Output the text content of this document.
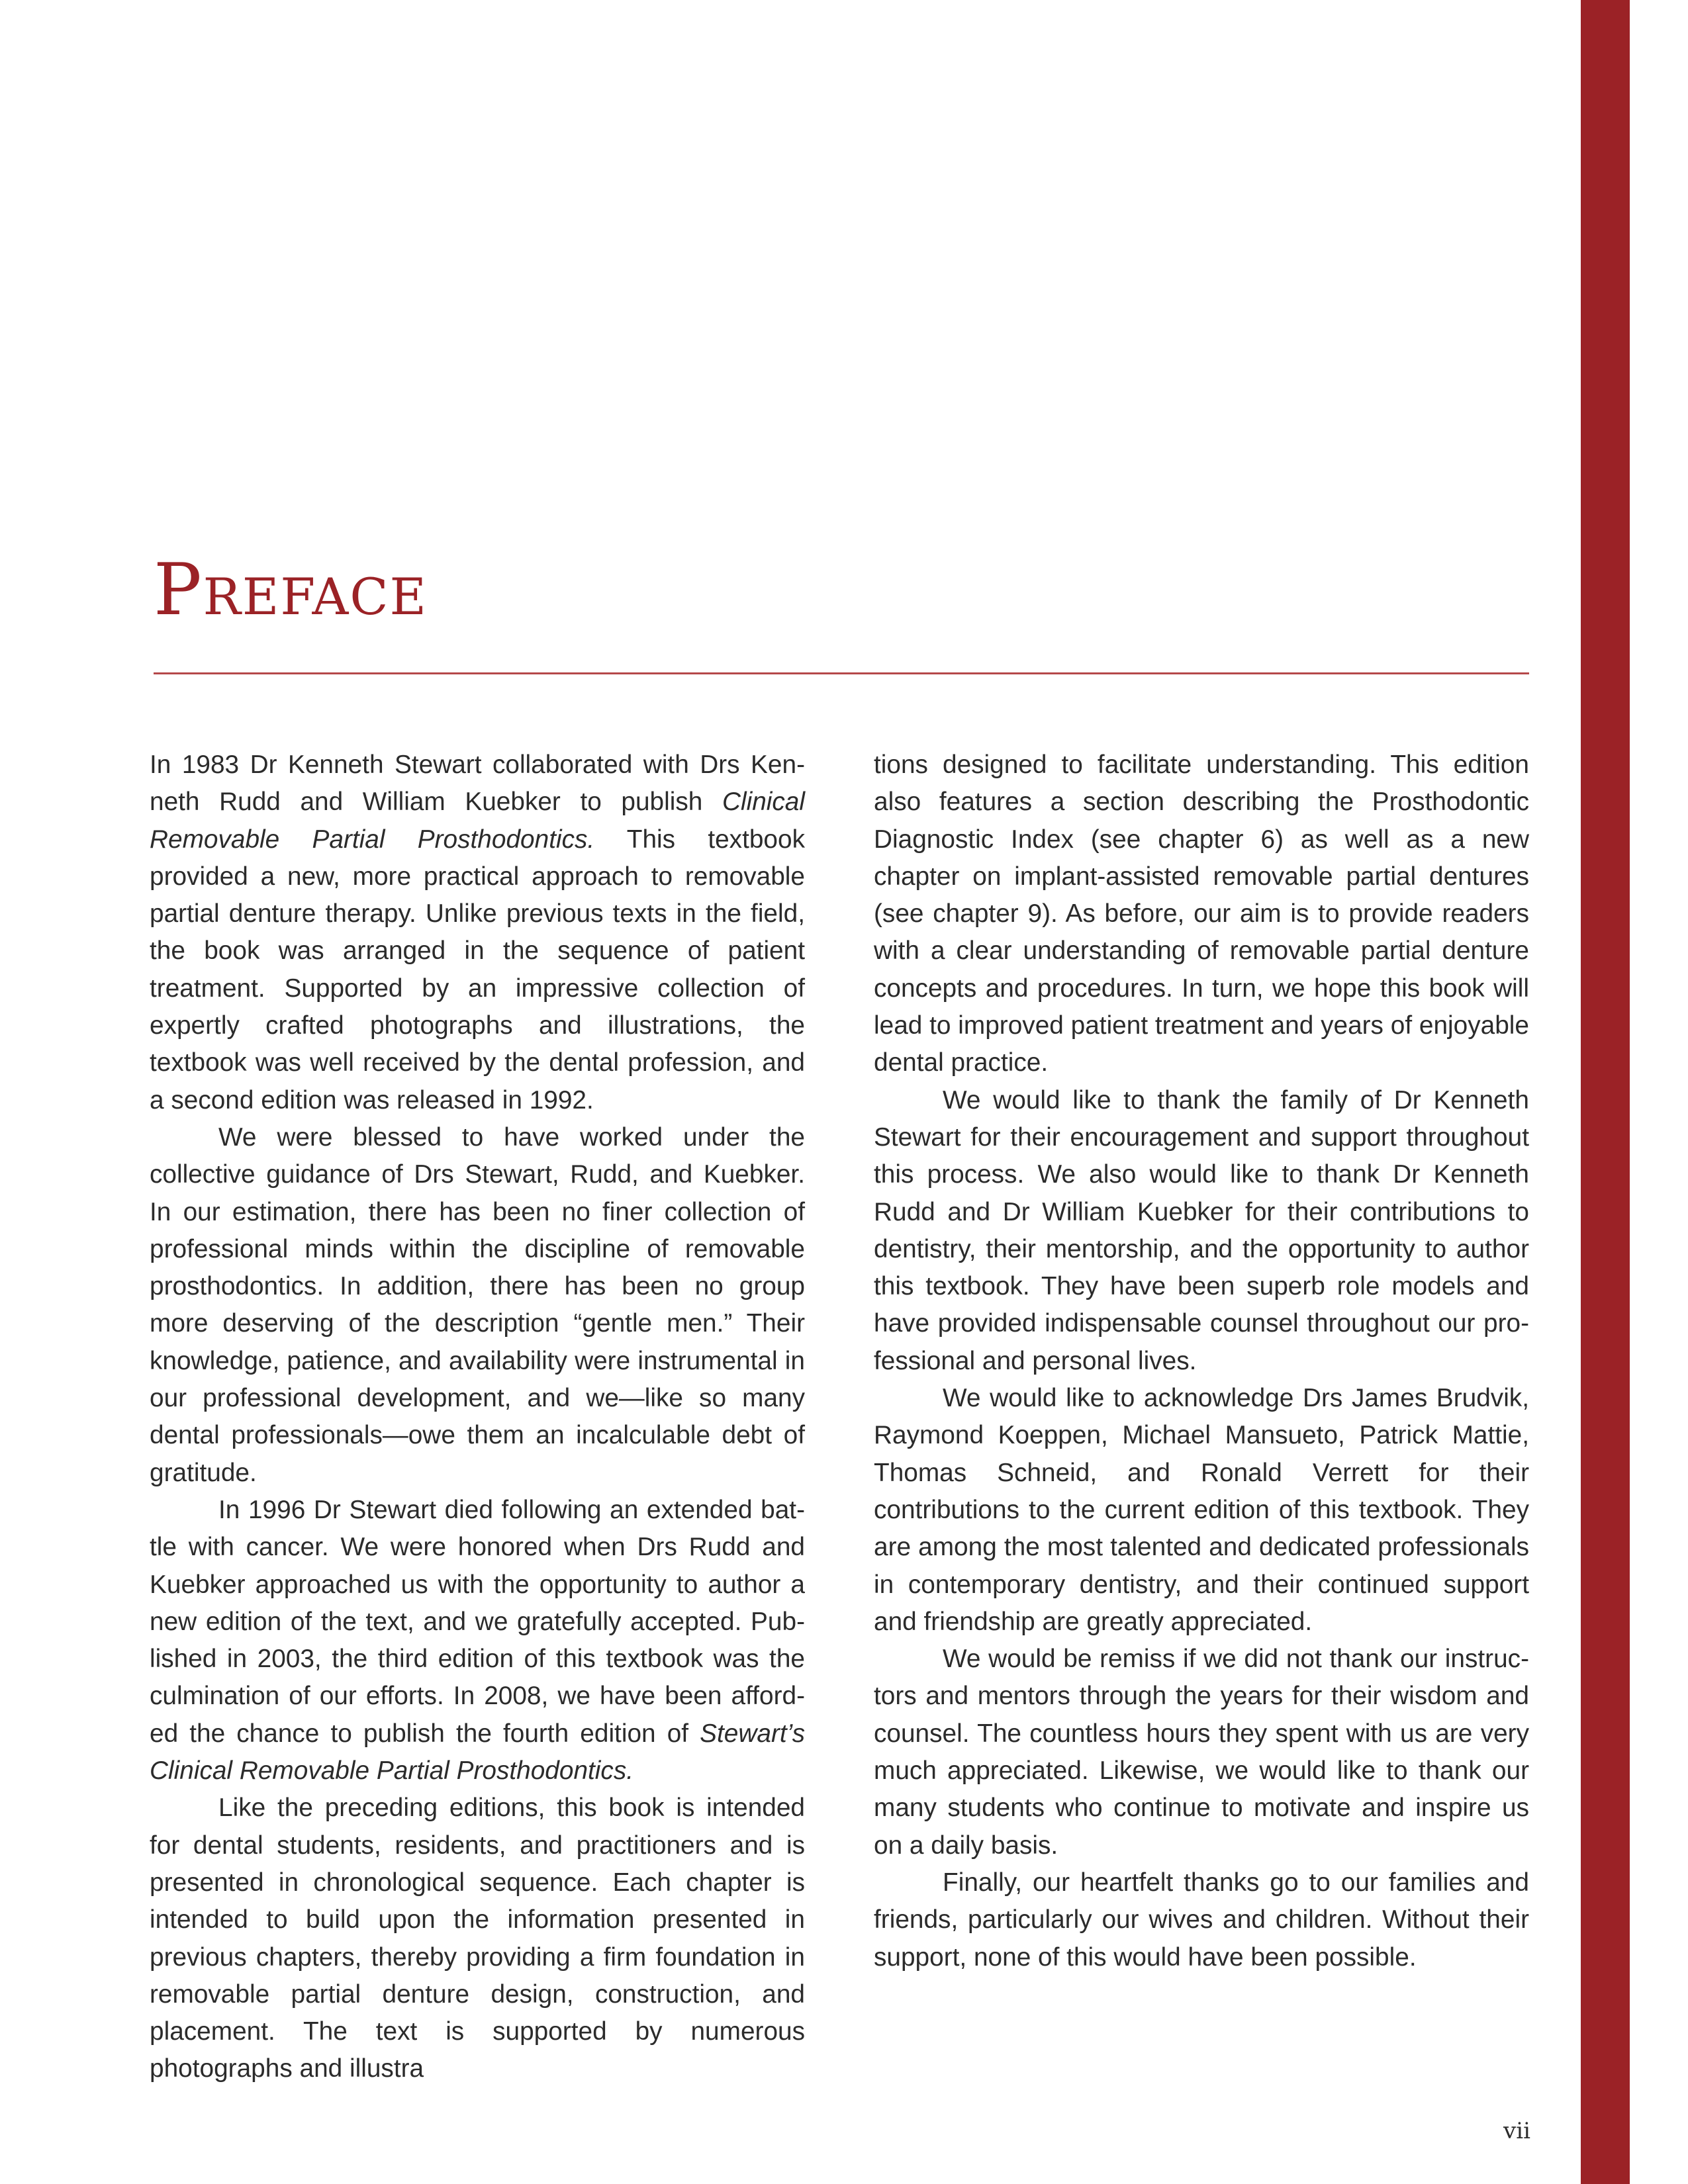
Preface

In 1983 Dr Kenneth Stewart collaborated with Drs Kenneth Rudd and William Kuebker to publish Clinical Removable Partial Prosthodontics. This textbook provided a new, more practical approach to removable partial denture therapy. Unlike previous texts in the field, the book was arranged in the sequence of patient treatment. Supported by an impressive collection of expertly crafted photographs and illustrations, the textbook was well received by the dental profession, and a second edition was released in 1992.

We were blessed to have worked under the collective guidance of Drs Stewart, Rudd, and Kuebker. In our estimation, there has been no finer collection of professional minds within the discipline of removable prosthodontics. In addition, there has been no group more deserving of the description “gentle men.” Their knowledge, patience, and availability were instrumental in our professional development, and we—like so many dental professionals—owe them an incalculable debt of gratitude.

In 1996 Dr Stewart died following an extended battle with cancer. We were honored when Drs Rudd and Kuebker approached us with the opportunity to author a new edition of the text, and we gratefully accepted. Published in 2003, the third edition of this textbook was the culmination of our efforts. In 2008, we have been afforded the chance to publish the fourth edition of Stewart’s Clinical Removable Partial Prosthodontics.

Like the preceding editions, this book is intended for dental students, residents, and practitioners and is presented in chronological sequence. Each chapter is intended to build upon the information presented in previous chapters, thereby providing a firm foundation in removable partial denture design, construction, and placement. The text is supported by numerous photographs and illustra

tions designed to facilitate understanding. This edition also features a section describing the Prosthodontic Diagnostic Index (see chapter 6) as well as a new chapter on implant-assisted removable partial dentures (see chapter 9). As before, our aim is to provide readers with a clear understanding of removable partial denture concepts and procedures. In turn, we hope this book will lead to improved patient treatment and years of enjoyable dental practice.

We would like to thank the family of Dr Kenneth Stewart for their encouragement and support throughout this process. We also would like to thank Dr Kenneth Rudd and Dr William Kuebker for their contributions to dentistry, their mentorship, and the opportunity to author this textbook. They have been superb role models and have provided indispensable counsel throughout our professional and personal lives.

We would like to acknowledge Drs James Brudvik, Raymond Koeppen, Michael Mansueto, Patrick Mattie, Thomas Schneid, and Ronald Verrett for their contributions to the current edition of this textbook. They are among the most talented and dedicated professionals in contemporary dentistry, and their continued support and friendship are greatly appreciated.

We would be remiss if we did not thank our instructors and mentors through the years for their wisdom and counsel. The countless hours they spent with us are very much appreciated. Likewise, we would like to thank our many students who continue to motivate and inspire us on a daily basis.

Finally, our heartfelt thanks go to our families and friends, particularly our wives and children. Without their support, none of this would have been possible.

vii
